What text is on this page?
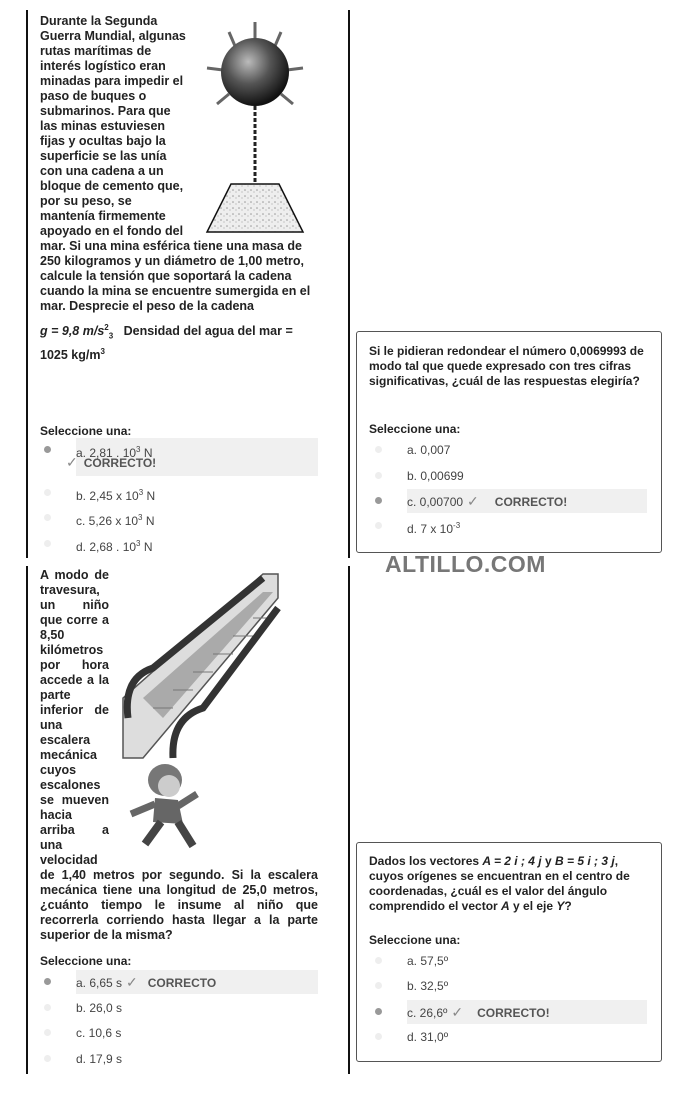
Durante la Segunda Guerra Mundial, algunas rutas marítimas de interés logístico eran minadas para impedir el paso de buques o submarinos. Para que las minas estuviesen fijas y ocultas bajo la superficie se las unía con una cadena a un bloque de cemento que, por su peso, se mantenía firmemente apoyado en el fondo del mar. Si una mina esférica tiene una masa de 250 kilogramos y un diámetro de 1,00 metro, calcule la tensión que soportará la cadena cuando la mina se encuentre sumergida en el mar. Desprecie el peso de la cadena
g = 9,8 $m/s^2_3$ Densidad del agua del mar = 1025 $kg/m^3$
Seleccione una:
a. 2,81 . $10^3$ N
✓ CORRECTO!
b. 2,45 x $10^3$ N
c. 5,26 x $10^3$ N
d. 2,68 . $10^3$ N
Si le pidieran redondear el número 0,0069993 de modo tal que quede expresado con tres cifras significativas, ¿cuál de las respuestas elegiría?
Seleccione una:
a. 0,007
b. 0,00699
c. 0,00700 ✓ CORRECTO!
d. 7 x $10^{-3}$
ALTILLO.COM
A modo de travesura, un niño que corre a 8,50 kilómetros por hora accede a la parte inferior de una escalera mecánica cuyos escalones se mueven hacia arriba a una velocidad de 1,40 metros por segundo. Si la escalera mecánica tiene una longitud de 25,0 metros, ¿cuánto tiempo le insume al niño que recorrerla corriendo hasta llegar a la parte superior de la misma?
Seleccione una:
a. 6,65 s ✓ CORRECTO
b. 26,0 s
c. 10,6 s
d. 17,9 s
Dados los vectores A = 2 i ; 4 j y B = 5 i ; 3 j, cuyos orígenes se encuentran en el centro de coordenadas, ¿cuál es el valor del ángulo comprendido el vector A y el eje Y?
Seleccione una:
a. 57,5º
b. 32,5º
c. 26,6º ✓ CORRECTO!
d. 31,0º
